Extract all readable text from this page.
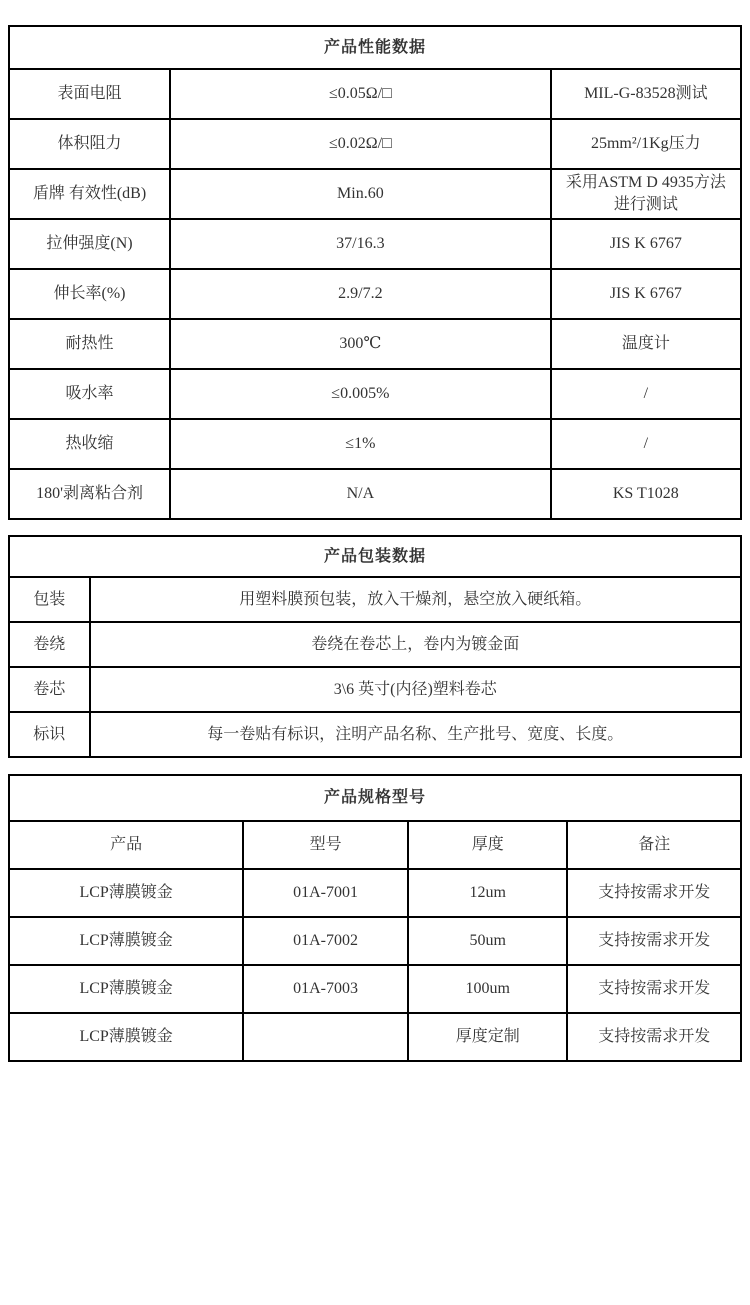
产品性能数据		
表面电阻	≤0.05Ω/□	MIL-G-83528测试
体积阻力	≤0.02Ω/□	25mm²/1Kg压力
盾牌 有效性(dB)	Min.60	采用ASTM D 4935方法进行测试
拉伸强度(N)	37/16.3	JIS K 6767
伸长率(%)	2.9/7.2	JIS K 6767
耐热性	300℃	温度计
吸水率	≤0.005%	/
热收缩	≤1%	/
180'剥离粘合剂	N/A	KS T1028
产品包装数据	
包装	用塑料膜预包装，放入干燥剂，悬空放入硬纸箱。
卷绕	卷绕在卷芯上，卷内为镀金面
卷芯	3\6 英寸(内径)塑料卷芯
标识	每一卷贴有标识，注明产品名称、生产批号、宽度、长度。
产品规格型号			
产品	型号	厚度	备注
LCP薄膜镀金	01A-7001	12um	支持按需求开发
LCP薄膜镀金	01A-7002	50um	支持按需求开发
LCP薄膜镀金	01A-7003	100um	支持按需求开发
LCP薄膜镀金		厚度定制	支持按需求开发
